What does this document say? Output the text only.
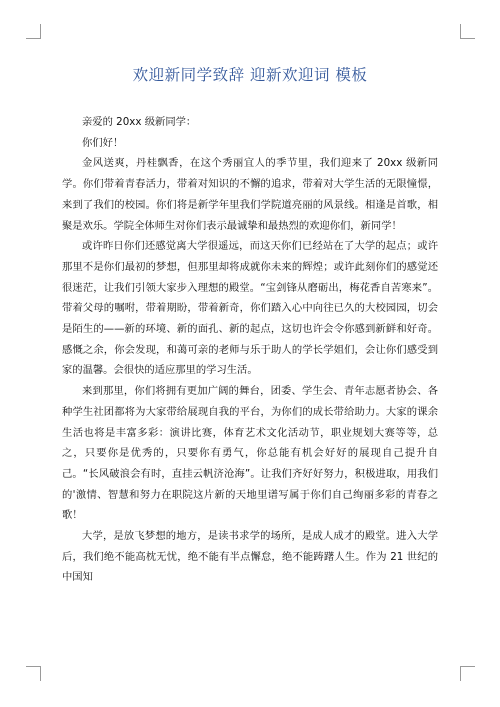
欢迎新同学致辞 迎新欢迎词 模板

亲爱的 20xx 级新同学：

你们好！

金风送爽，丹桂飘香，在这个秀丽宜人的季节里，我们迎来了 20xx 级新同学。你们带着青春活力，带着对知识的不懈的追求，带着对大学生活的无限憧憬，来到了我们的校园。你们将是新学年里我们学院道亮丽的风景线。相逢是首歌，相聚是欢乐。学院全体师生对你们表示最诚挚和最热烈的欢迎你们，新同学！

或许昨日你们还感觉离大学很遥远，而这天你们已经站在了大学的起点；或许那里不是你们最初的梦想，但那里却将成就你未来的辉煌；或许此刻你们的感觉还很迷茫，让我们引领大家步入理想的殿堂。“宝剑锋从磨砺出，梅花香自苦寒来”。带着父母的嘱咐，带着期盼，带着新奇，你们踏入心中向往已久的大校园园，切会是陌生的——新的环境、新的面孔、新的起点，这切也许会令你感到新鲜和好奇。感慨之余，你会发现，和蔼可亲的老师与乐于助人的学长学姐们，会让你们感受到家的温馨。会很快的适应那里的学习生活。

来到那里，你们将拥有更加广阔的舞台，团委、学生会、青年志愿者协会、各种学生社团都将为大家带给展现自我的平台，为你们的成长带给助力。大家的课余生活也将是丰富多彩：演讲比赛，体育艺术文化活动节，职业规划大赛等等，总之，只要你是优秀的，只要你有勇气，你总能有机会好好的展现自己提升自己。“长风破浪会有时，直挂云帆济沧海”。让我们齐好好努力，积极进取，用我们的'激情、智慧和努力在职院这片新的天地里谱写属于你们自己绚丽多彩的青春之歌！

大学，是放飞梦想的地方，是读书求学的场所，是成人成才的殿堂。进入大学后，我们绝不能高枕无忧，绝不能有半点懈怠，绝不能踌躇人生。作为 21 世纪的中国知
